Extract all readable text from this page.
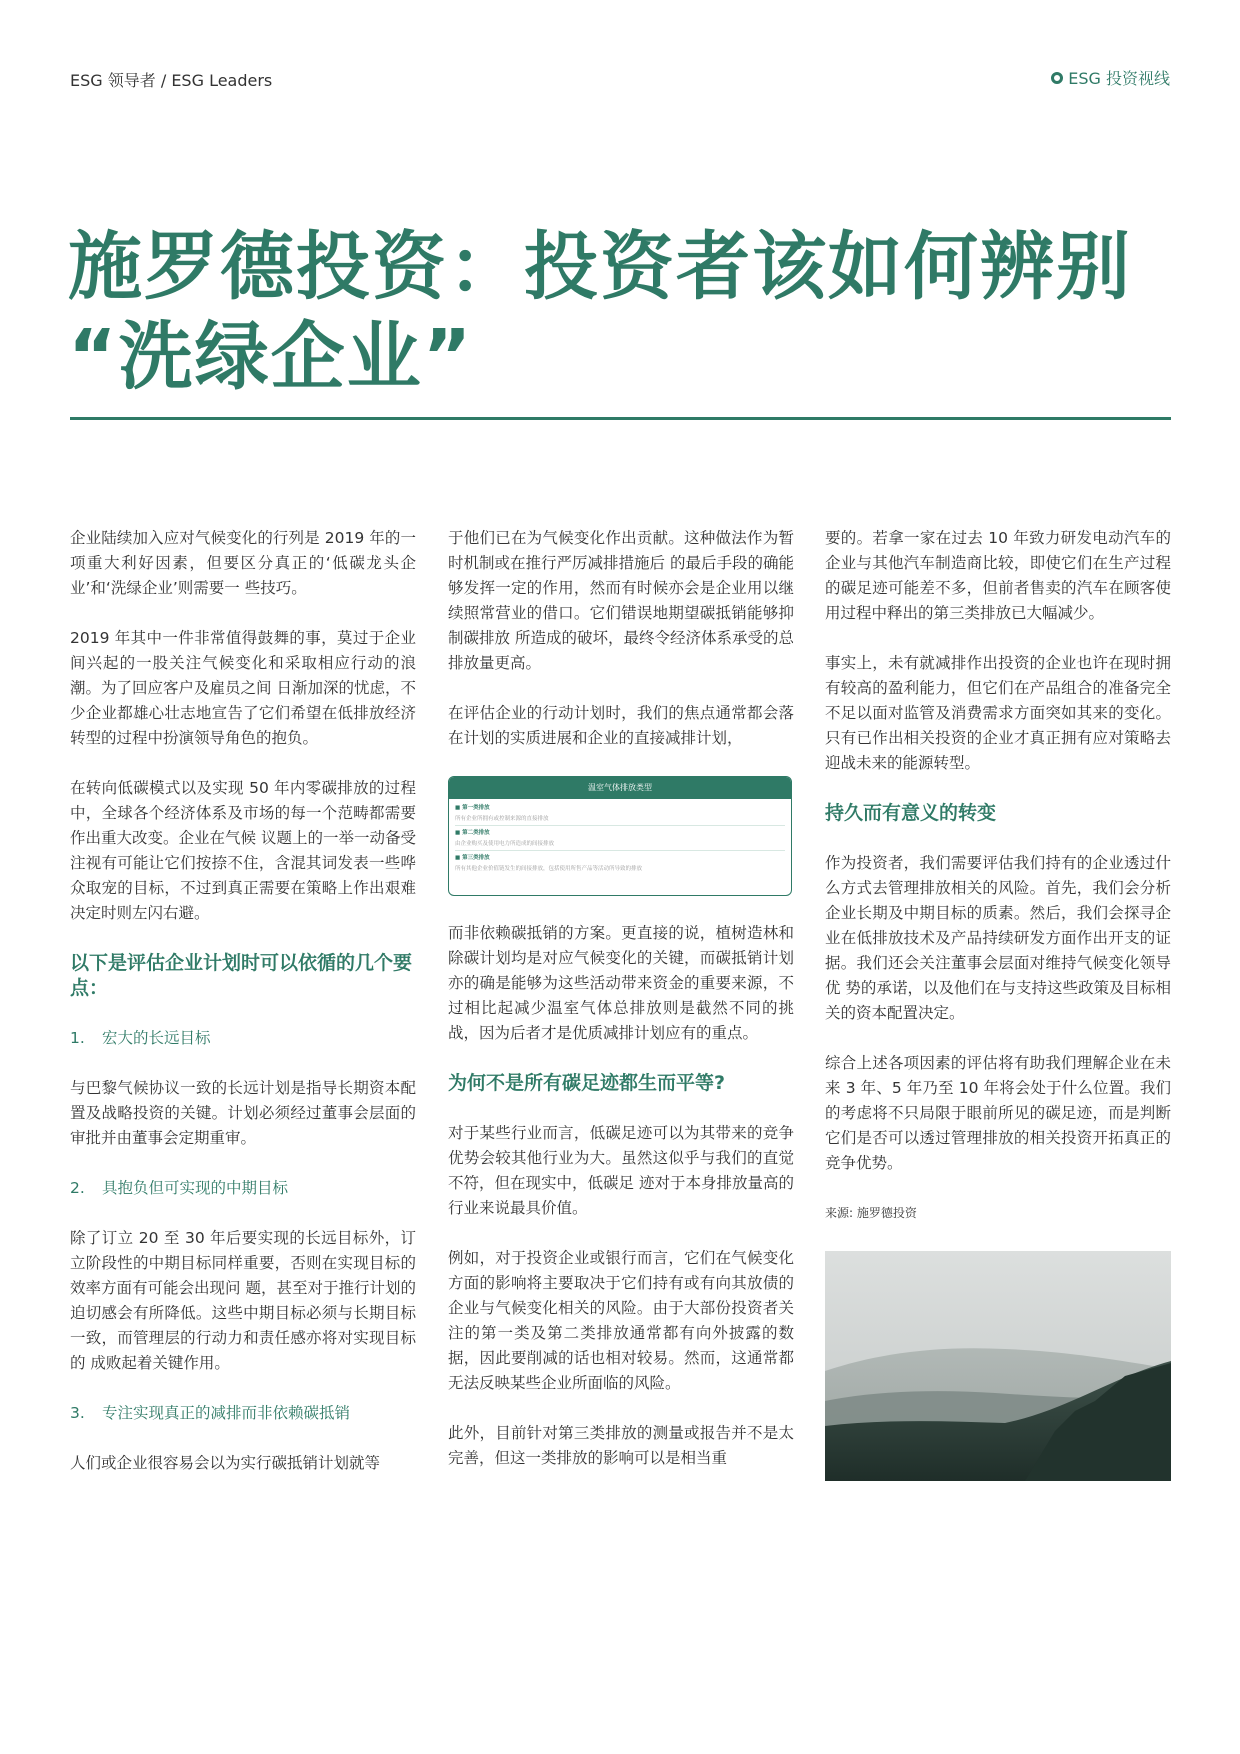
ESG 领导者 / ESG Leaders	ESG 投资视线
施罗德投资：投资者该如何辨别
“洗绿企业”

企业陆续加入应对气候变化的行列是 2019 年的一项重大利好因素，但要区分真正的‘低碳龙头企业’和‘洗绿企业’则需要一 些技巧。

2019 年其中一件非常值得鼓舞的事，莫过于企业间兴起的一股关注气候变化和采取相应行动的浪潮。为了回应客户及雇员之间 日渐加深的忧虑，不少企业都雄心壮志地宣告了它们希望在低排放经济转型的过程中扮演领导角色的抱负。

在转向低碳模式以及实现 50 年内零碳排放的过程中，全球各个经济体系及市场的每一个范畴都需要作出重大改变。企业在气候 议题上的一举一动备受注视有可能让它们按捺不住，含混其词发表一些哗众取宠的目标，不过到真正需要在策略上作出艰难决定时则左闪右避。

以下是评估企业计划时可以依循的几个要点：
1. 宏大的长远目标

与巴黎气候协议一致的长远计划是指导长期资本配置及战略投资的关键。计划必须经过董事会层面的审批并由董事会定期重审。

2. 具抱负但可实现的中期目标

除了订立 20 至 30 年后要实现的长远目标外，订立阶段性的中期目标同样重要，否则在实现目标的效率方面有可能会出现问 题，甚至对于推行计划的迫切感会有所降低。这些中期目标必须与长期目标一致，而管理层的行动力和责任感亦将对实现目标的 成败起着关键作用。

3. 专注实现真正的减排而非依赖碳抵销

人们或企业很容易会以为实行碳抵销计划就等

于他们已在为气候变化作出贡献。这种做法作为暂时机制或在推行严厉减排措施后 的最后手段的确能够发挥一定的作用，然而有时候亦会是企业用以继续照常营业的借口。它们错误地期望碳抵销能够抑制碳排放 所造成的破坏，最终令经济体系承受的总排放量更高。

在评估企业的行动计划时，我们的焦点通常都会落在计划的实质进展和企业的直接减排计划，

温室气体排放类型
■ 第一类排放
所有企业所拥有或控制来源的直接排放
■ 第二类排放
由企业购买及使用电力所造成的间接排放
■ 第三类排放
所有其他企业价值链发生的间接排放，包括使用所售产品等活动所导致的排放

而非依赖碳抵销的方案。更直接的说，植树造林和除碳计划均是对应气候变化的关键，而碳抵销计划亦的确是能够为这些活动带来资金的重要来源，不过相比起减少温室气体总排放则是截然不同的挑战，因为后者才是优质减排计划应有的重点。

为何不是所有碳足迹都生而平等?

对于某些行业而言，低碳足迹可以为其带来的竞争优势会较其他行业为大。虽然这似乎与我们的直觉不符，但在现实中，低碳足 迹对于本身排放量高的行业来说最具价值。

例如，对于投资企业或银行而言，它们在气候变化方面的影响将主要取决于它们持有或有向其放债的企业与气候变化相关的风险。由于大部份投资者关注的第一类及第二类排放通常都有向外披露的数据，因此要削减的话也相对较易。然而，这通常都无法反映某些企业所面临的风险。

此外，目前针对第三类排放的测量或报告并不是太完善，但这一类排放的影响可以是相当重

要的。若拿一家在过去 10 年致力研发电动汽车的企业与其他汽车制造商比较，即使它们在生产过程的碳足迹可能差不多，但前者售卖的汽车在顾客使用过程中释出的第三类排放已大幅减少。

事实上，未有就减排作出投资的企业也许在现时拥有较高的盈利能力，但它们在产品组合的准备完全不足以面对监管及消费需求方面突如其来的变化。只有已作出相关投资的企业才真正拥有应对策略去迎战未来的能源转型。

持久而有意义的转变

作为投资者，我们需要评估我们持有的企业透过什么方式去管理排放相关的风险。首先，我们会分析企业长期及中期目标的质素。然后，我们会探寻企业在低排放技术及产品持续研发方面作出开支的证据。我们还会关注董事会层面对维持气候变化领导优 势的承诺，以及他们在与支持这些政策及目标相关的资本配置决定。

综合上述各项因素的评估将有助我们理解企业在未来 3 年、5 年乃至 10 年将会处于什么位置。我们的考虑将不只局限于眼前所见的碳足迹，而是判断它们是否可以透过管理排放的相关投资开拓真正的竞争优势。

来源: 施罗德投资
